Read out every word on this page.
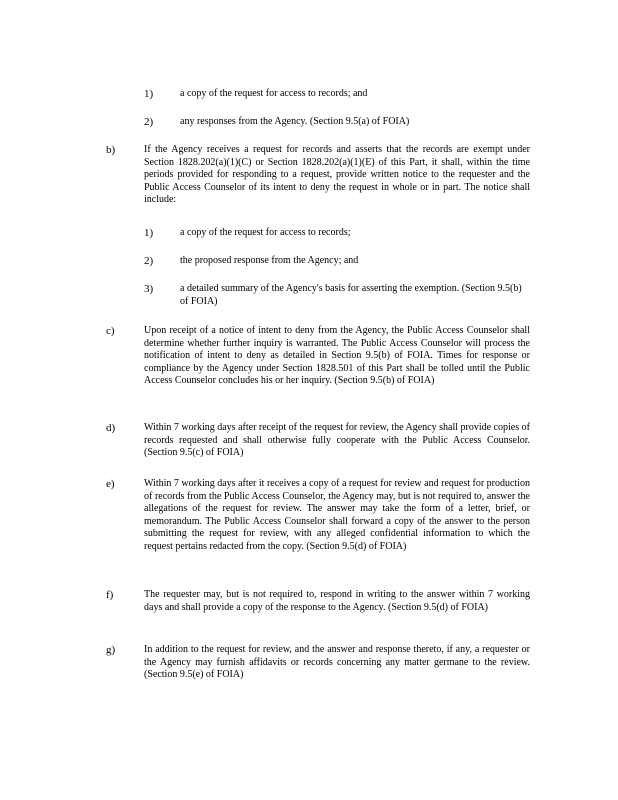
1)	a copy of the request for access to records; and

2)	any responses from the Agency. (Section 9.5(a) of FOIA)

b)	If the Agency receives a request for records and asserts that the records are exempt under Section 1828.202(a)(1)(C) or Section 1828.202(a)(1)(E) of this Part, it shall, within the time periods provided for responding to a request, provide written notice to the requester and the Public Access Counselor of its intent to deny the request in whole or in part. The notice shall include:

1)	a copy of the request for access to records;

2)	the proposed response from the Agency; and

3)	a detailed summary of the Agency's basis for asserting the exemption. (Section 9.5(b) of FOIA)

c)	Upon receipt of a notice of intent to deny from the Agency, the Public Access Counselor shall determine whether further inquiry is warranted. The Public Access Counselor will process the notification of intent to deny as detailed in Section 9.5(b) of FOIA. Times for response or compliance by the Agency under Section 1828.501 of this Part shall be tolled until the Public Access Counselor concludes his or her inquiry. (Section 9.5(b) of FOIA)

d)	Within 7 working days after receipt of the request for review, the Agency shall provide copies of records requested and shall otherwise fully cooperate with the Public Access Counselor. (Section 9.5(c) of FOIA)

e)	Within 7 working days after it receives a copy of a request for review and request for production of records from the Public Access Counselor, the Agency may, but is not required to, answer the allegations of the request for review. The answer may take the form of a letter, brief, or memorandum. The Public Access Counselor shall forward a copy of the answer to the person submitting the request for review, with any alleged confidential information to which the request pertains redacted from the copy. (Section 9.5(d) of FOIA)

f)	The requester may, but is not required to, respond in writing to the answer within 7 working days and shall provide a copy of the response to the Agency. (Section 9.5(d) of FOIA)

g)	In addition to the request for review, and the answer and response thereto, if any, a requester or the Agency may furnish affidavits or records concerning any matter germane to the review. (Section 9.5(e) of FOIA)
